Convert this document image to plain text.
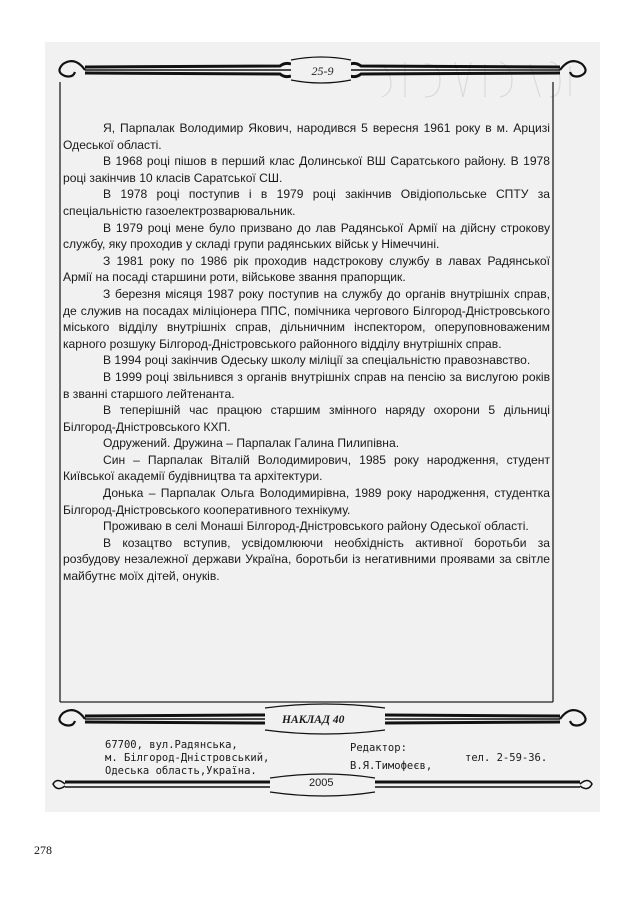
25-9

Я, Парпалак Володимир Якович, народився 5 вересня 1961 року в м. Арцизі Одеської області.

В 1968 році пішов в перший клас Долинської ВШ Саратського району. В 1978 році закінчив 10 класів Саратської СШ.

В 1978 році поступив і в 1979 році закінчив Овідіопольське СПТУ за спеціальністю газоелектрозварювальник.

В 1979 році мене було призвано до лав Радянської Армії на дійсну строкову службу, яку проходив у складі групи радянських військ у Німеччині.

З 1981 року по 1986 рік проходив надстрокову службу в лавах Радянської Армії на посаді старшини роти, військове звання прапорщик.

З березня місяця 1987 року поступив на службу до органів внутрішніх справ, де служив на посадах міліціонера ППС, помічника чергового Білгород-Дністровського міського відділу внутрішніх справ, дільничним інспектором, оперуповноваженим карного розшуку Білгород-Дністровського районного відділу внутрішніх справ.

В 1994 році закінчив Одеську школу міліції за спеціальністю правознавство.

В 1999 році звільнився з органів внутрішніх справ на пенсію за вислугою років в званні старшого лейтенанта.

В теперішній час працюю старшим змінного наряду охорони 5 дільниці Білгород-Дністровського КХП.

Одружений. Дружина – Парпалак Галина Пилипівна.

Син – Парпалак Віталій Володимирович, 1985 року народження, студент Київської академії будівництва та архітектури.

Донька – Парпалак Ольга Володимирівна, 1989 року народження, студентка Білгород-Дністровського кооперативного технікуму.

Проживаю в селі Монаші Білгород-Дністровського району Одеської області.

В козацтво вступив, усвідомлюючи необхідність активної боротьби за розбудову незалежної держави Україна, боротьби із негативними проявами за світле майбутнє моїх дітей, онуків.

НАКЛАД 40
67700, вул.Радянська,
м. Білгород-Дністровський,
Одеська область,Україна.
Редактор:
В.Я.Тимофеєв,
тел. 2-59-36.
2005
278
